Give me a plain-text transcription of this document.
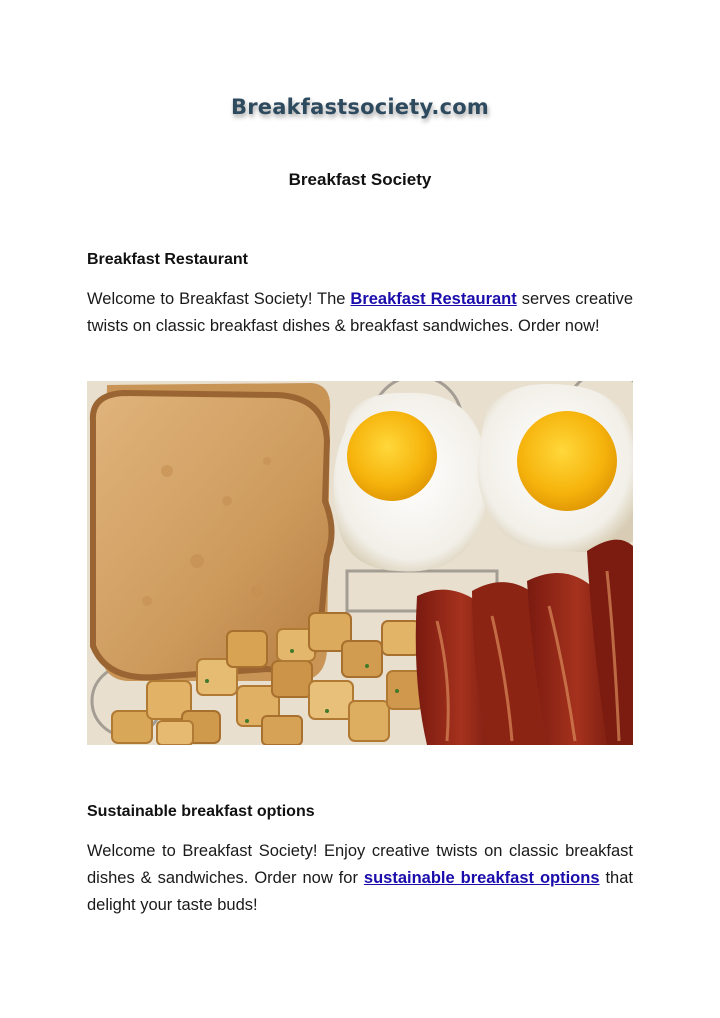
Breakfastsociety.com
Breakfast Society
Breakfast Restaurant

Welcome to Breakfast Society! The Breakfast Restaurant serves creative twists on classic breakfast dishes & breakfast sandwiches. Order now!

Sustainable breakfast options

Welcome to Breakfast Society! Enjoy creative twists on classic breakfast dishes & sandwiches. Order now for sustainable breakfast options that delight your taste buds!
